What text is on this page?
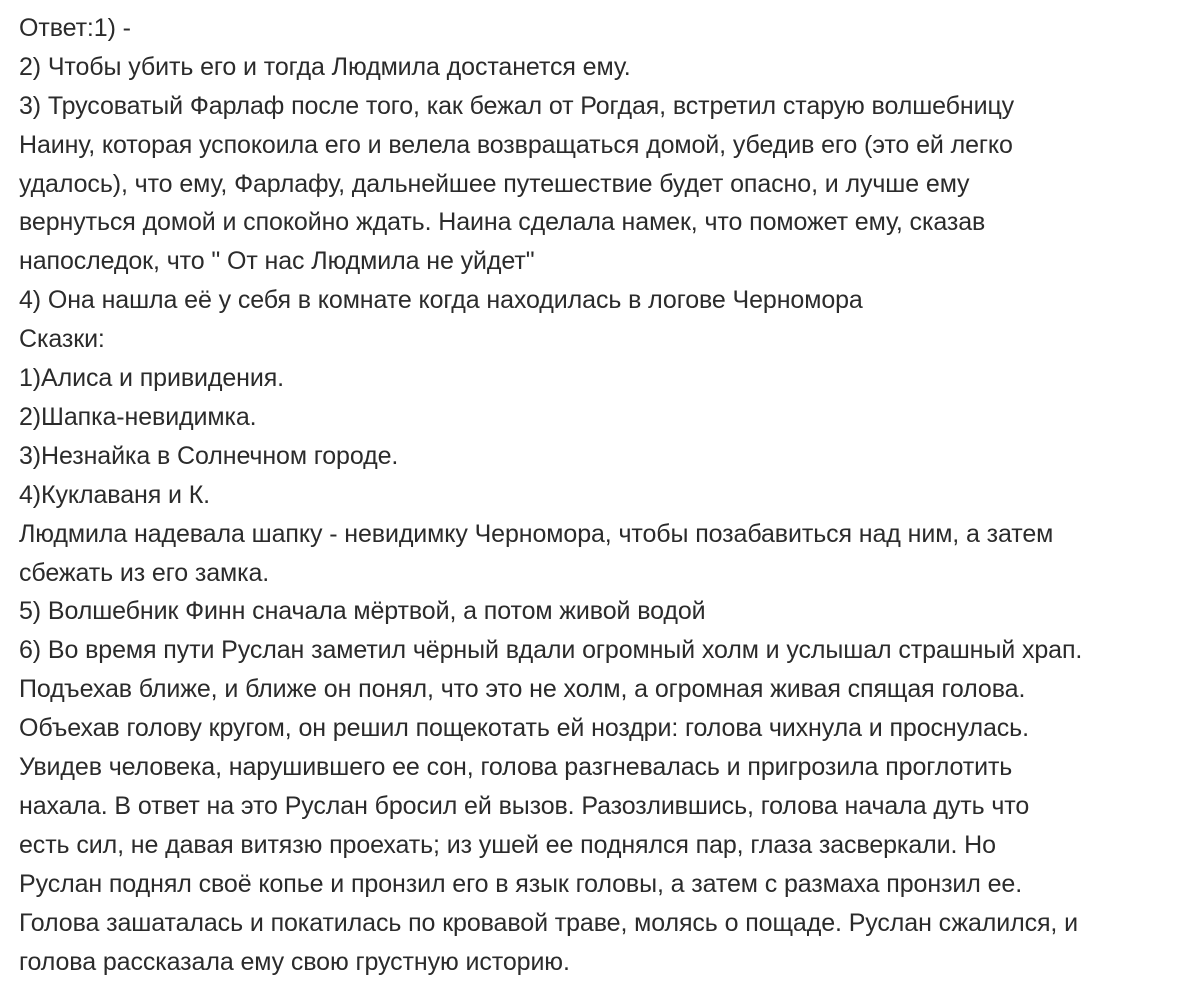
Ответ:1) -
2) Чтобы убить его и тогда Людмила достанется ему.
3) Трусоватый Фарлаф после того, как бежал от Рогдая, встретил старую волшебницу
Наину, которая успокоила его и велела возвращаться домой, убедив его (это ей легко
удалось), что ему, Фарлафу, дальнейшее путешествие будет опасно, и лучше ему
вернуться домой и спокойно ждать. Наина сделала намек, что поможет ему, сказав
напоследок, что " От нас Людмила не уйдет"
4) Она нашла её у себя в комнате когда находилась в логове Черномора
Сказки:
1)Алиса и привидения.
2)Шапка-невидимка.
3)Незнайка в Солнечном городе.
4)Куклаваня и К.
Людмила надевала шапку - невидимку Черномора, чтобы позабавиться над ним, а затем
сбежать из его замка.
5) Волшебник Финн сначала мёртвой, а потом живой водой
6) Во время пути Руслан заметил чёрный вдали огромный холм и услышал страшный храп.
Подъехав ближе, и ближе он понял, что это не холм, а огромная живая спящая голова.
Объехав голову кругом, он решил пощекотать ей ноздри: голова чихнула и проснулась.
Увидев человека, нарушившего ее сон, голова разгневалась и пригрозила проглотить
нахала. В ответ на это Руслан бросил ей вызов. Разозлившись, голова начала дуть что
есть сил, не давая витязю проехать; из ушей ее поднялся пар, глаза засверкали. Но
Руслан поднял своё копье и пронзил его в язык головы, а затем с размаха пронзил ее.
Голова зашаталась и покатилась по кровавой траве, молясь о пощаде. Руслан сжалился, и
голова рассказала ему свою грустную историю.
